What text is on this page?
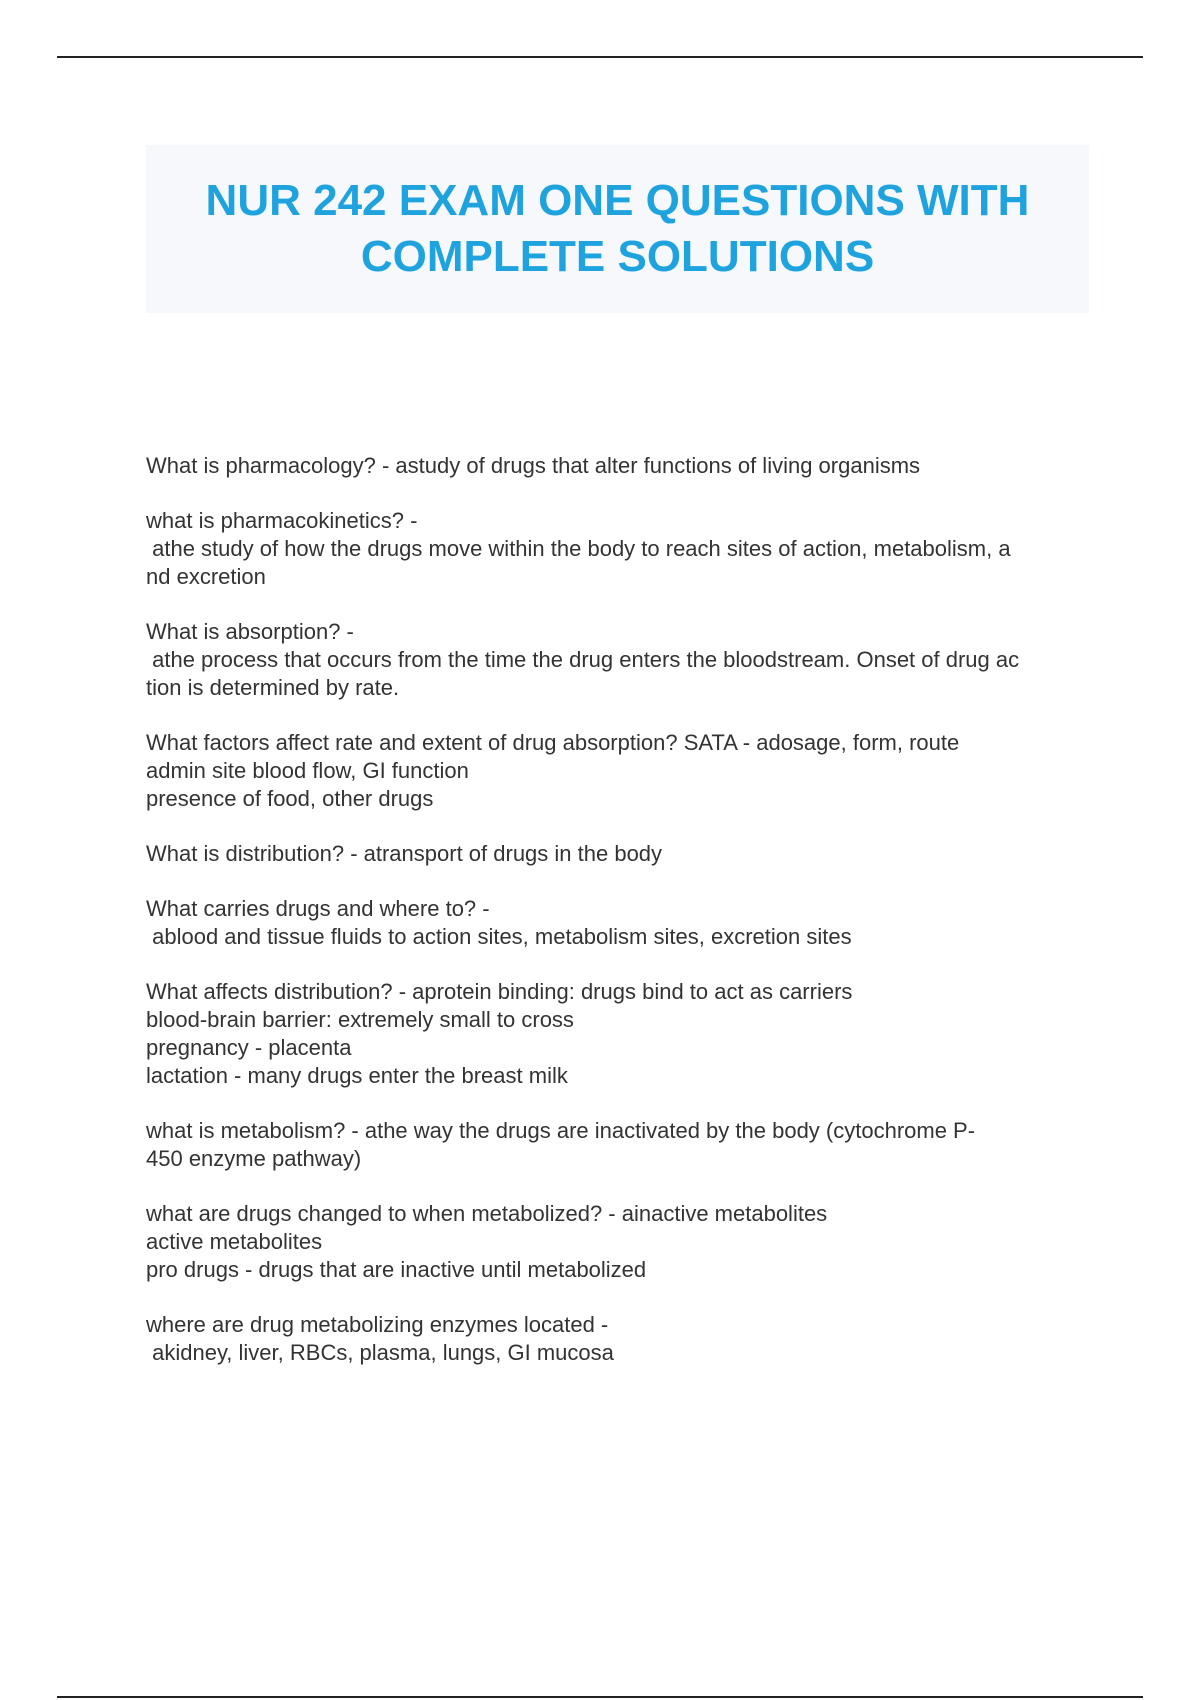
NUR 242 EXAM ONE QUESTIONS WITH
COMPLETE SOLUTIONS
What is pharmacology? - astudy of drugs that alter functions of living organisms
what is pharmacokinetics? -
athe study of how the drugs move within the body to reach sites of action, metabolism, a
nd excretion
What is absorption? -
athe process that occurs from the time the drug enters the bloodstream. Onset of drug ac
tion is determined by rate.
What factors affect rate and extent of drug absorption? SATA - adosage, form, route
admin site blood flow, GI function
presence of food, other drugs
What is distribution? - atransport of drugs in the body
What carries drugs and where to? -
ablood and tissue fluids to action sites, metabolism sites, excretion sites
What affects distribution? - aprotein binding: drugs bind to act as carriers
blood-brain barrier: extremely small to cross
pregnancy - placenta
lactation - many drugs enter the breast milk
what is metabolism? - athe way the drugs are inactivated by the body (cytochrome P-
450 enzyme pathway)
what are drugs changed to when metabolized? - ainactive metabolites
active metabolites
pro drugs - drugs that are inactive until metabolized
where are drug metabolizing enzymes located -
akidney, liver, RBCs, plasma, lungs, GI mucosa
